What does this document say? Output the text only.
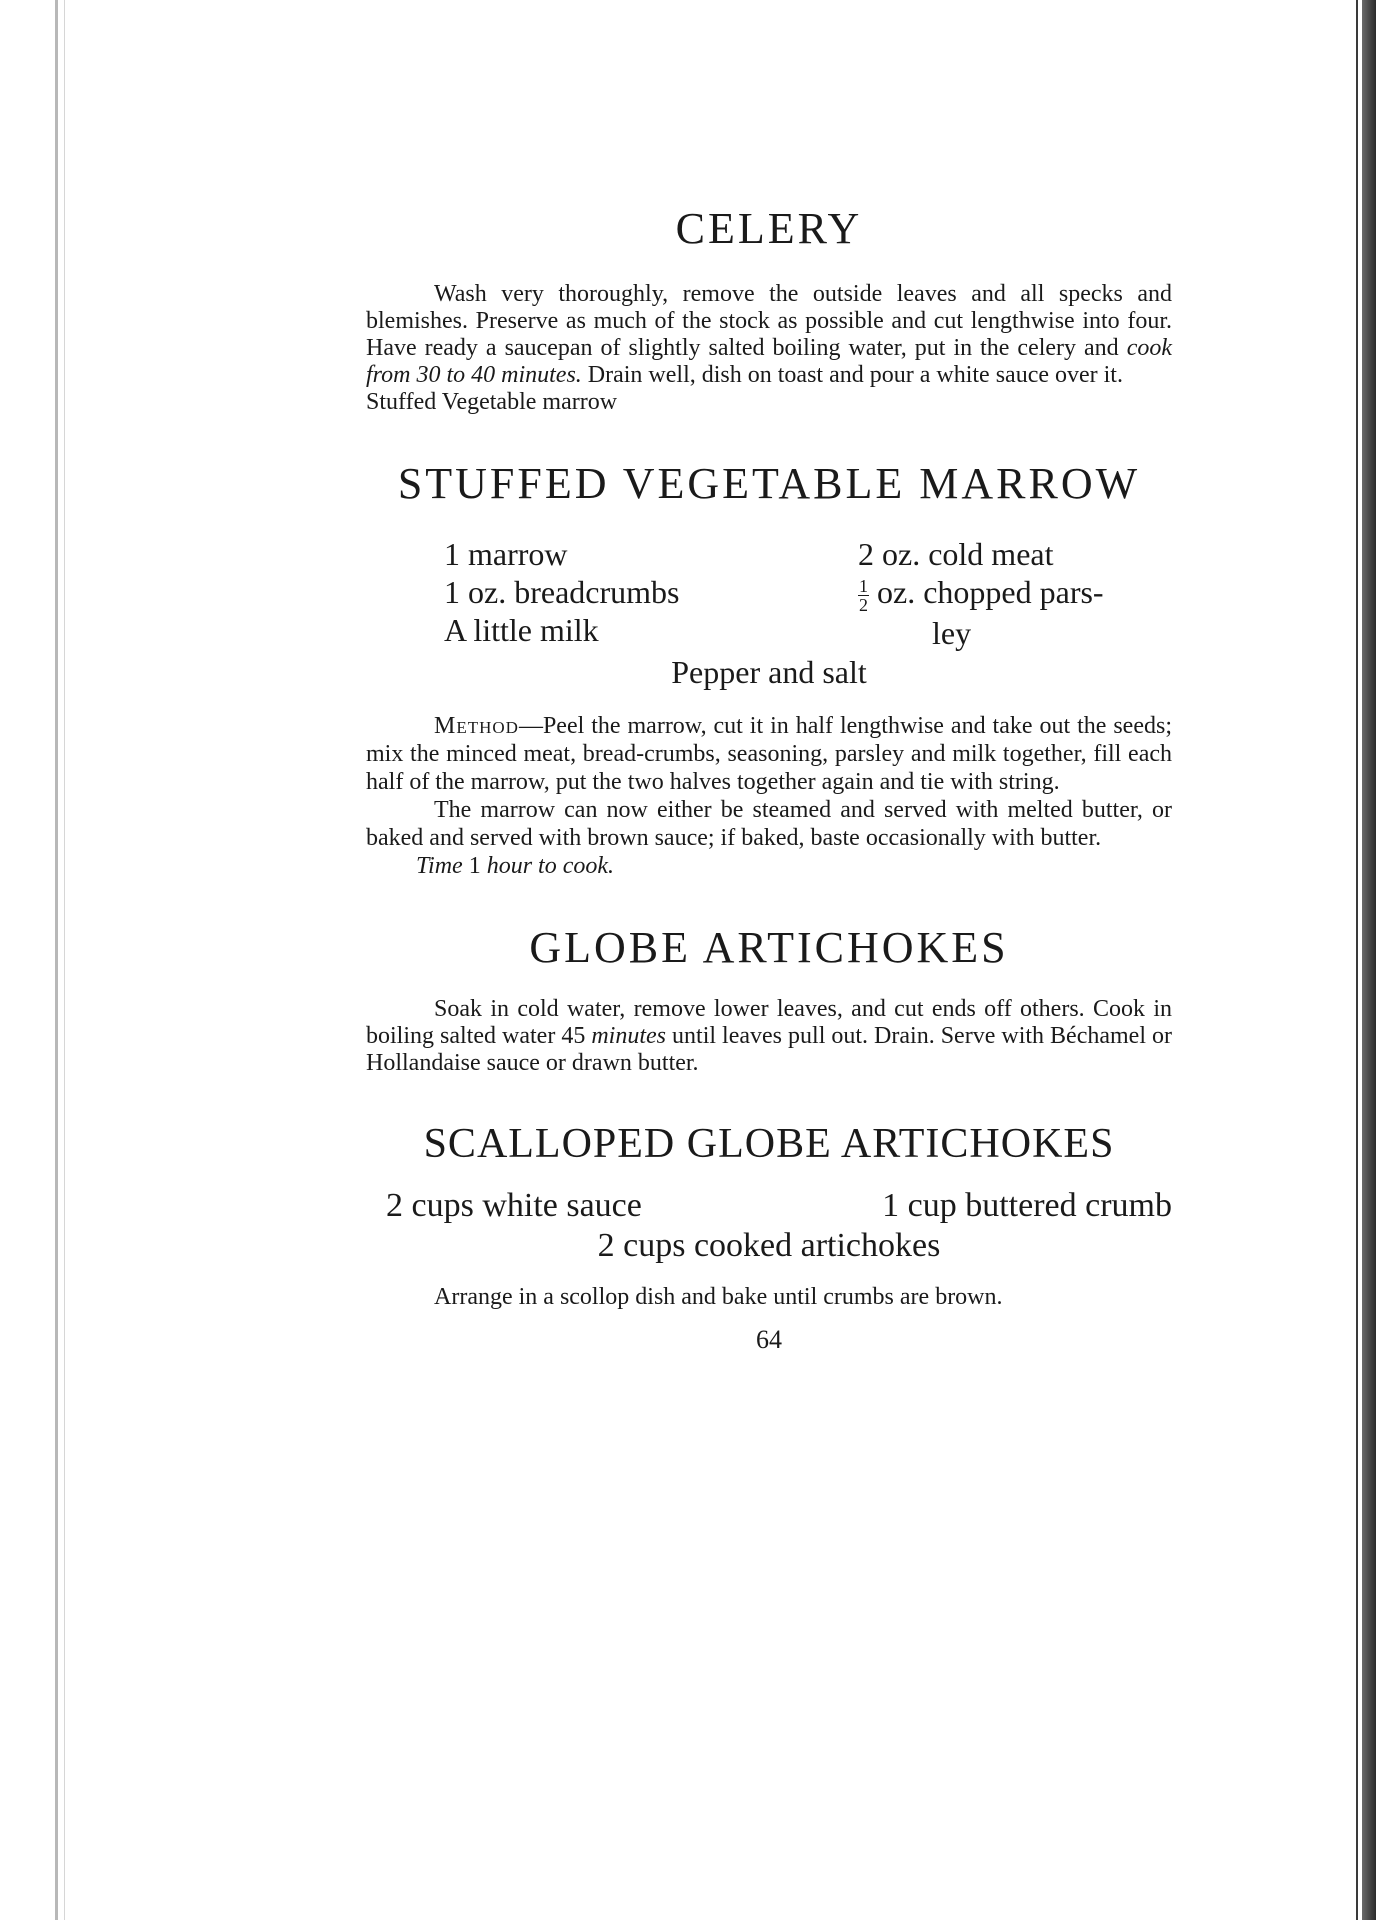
CELERY

Wash very thoroughly, remove the outside leaves and all specks and blemishes. Preserve as much of the stock as possible and cut lengthwise into four. Have ready a saucepan of slightly salted boiling water, put in the celery and cook from 30 to 40 minutes. Drain well, dish on toast and pour a white sauce over it.

Stuffed Vegetable marrow

STUFFED VEGETABLE MARROW
1 marrow
1 oz. breadcrumbs
A little milk
2 oz. cold meat
$\frac{1}{2}$ oz. chopped pars-
ley
Pepper and salt

Method—Peel the marrow, cut it in half lengthwise and take out the seeds; mix the minced meat, bread-crumbs, seasoning, parsley and milk together, fill each half of the marrow, put the two halves together again and tie with string.

The marrow can now either be steamed and served with melted butter, or baked and served with brown sauce; if baked, baste occasionally with butter.

Time 1 hour to cook.
GLOBE ARTICHOKES

Soak in cold water, remove lower leaves, and cut ends off others. Cook in boiling salted water 45 minutes until leaves pull out. Drain. Serve with Béchamel or Hollandaise sauce or drawn butter.

SCALLOPED GLOBE ARTICHOKES
2 cups white sauce	1 cup buttered crumb
2 cups cooked artichokes

Arrange in a scollop dish and bake until crumbs are brown.

64
